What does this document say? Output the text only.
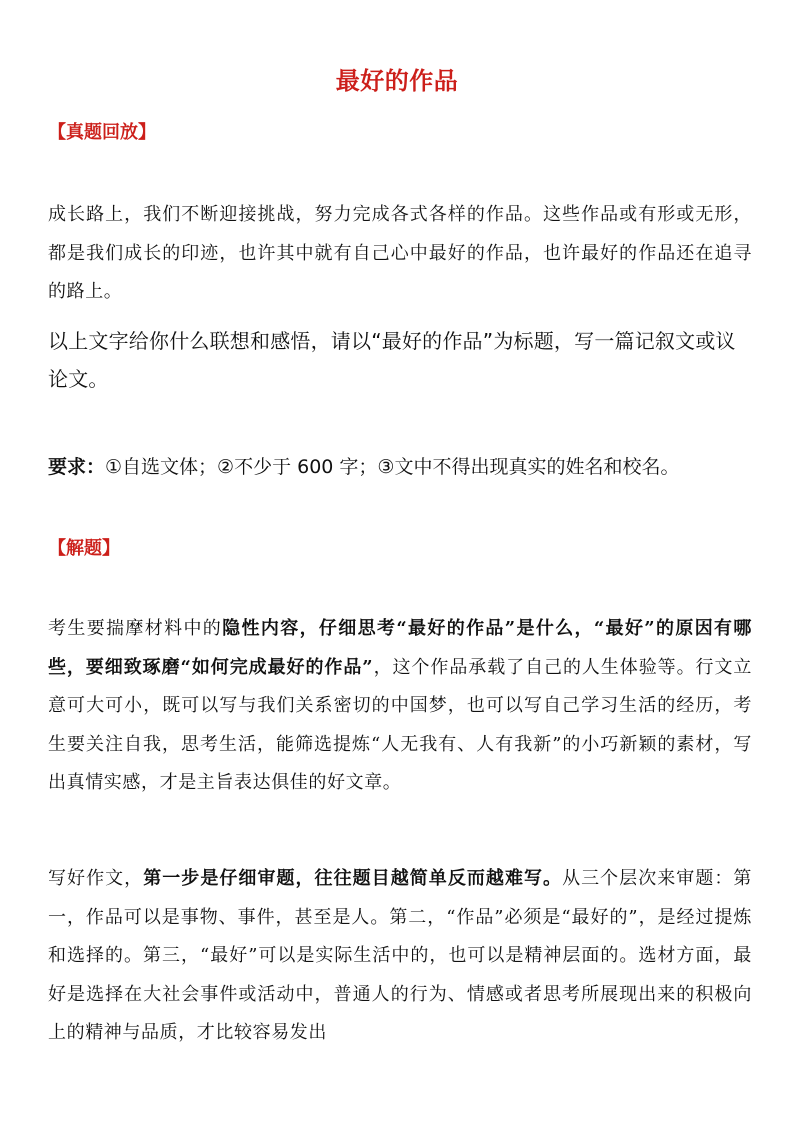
最好的作品
【真题回放】

成长路上，我们不断迎接挑战，努力完成各式各样的作品。这些作品或有形或无形，都是我们成长的印迹，也许其中就有自己心中最好的作品，也许最好的作品还在追寻的路上。

以上文字给你什么联想和感悟，请以“最好的作品”为标题，写一篇记叙文或议论文。

要求：①自选文体；②不少于 600 字；③文中不得出现真实的姓名和校名。

【解题】

考生要揣摩材料中的隐性内容，仔细思考“最好的作品”是什么，“最好”的原因有哪些，要细致琢磨“如何完成最好的作品”，这个作品承载了自己的人生体验等。行文立意可大可小，既可以写与我们关系密切的中国梦，也可以写自己学习生活的经历，考生要关注自我，思考生活，能筛选提炼“人无我有、人有我新”的小巧新颖的素材，写出真情实感，才是主旨表达俱佳的好文章。

写好作文，第一步是仔细审题，往往题目越简单反而越难写。从三个层次来审题：第一，作品可以是事物、事件，甚至是人。第二，“作品”必须是“最好的”，是经过提炼和选择的。第三，“最好”可以是实际生活中的，也可以是精神层面的。选材方面，最好是选择在大社会事件或活动中，普通人的行为、情感或者思考所展现出来的积极向上的精神与品质，才比较容易发出
